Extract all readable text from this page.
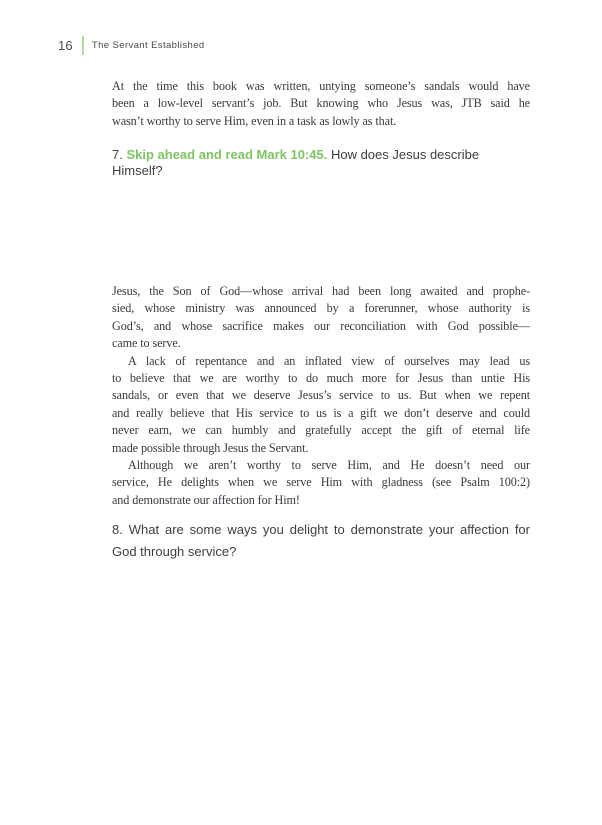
16 The Servant Established
At the time this book was written, untying someone’s sandals would have
been a low-level servant’s job. But knowing who Jesus was, JTB said he
wasn’t worthy to serve Him, even in a task as lowly as that.
7. Skip ahead and read Mark 10:45. How does Jesus describe Himself?
Jesus, the Son of God—whose arrival had been long awaited and prophe-
sied, whose ministry was announced by a forerunner, whose authority is
God’s, and whose sacrifice makes our reconciliation with God possible—
came to serve.
A lack of repentance and an inflated view of ourselves may lead us
to believe that we are worthy to do much more for Jesus than untie His
sandals, or even that we deserve Jesus’s service to us. But when we repent
and really believe that His service to us is a gift we don’t deserve and could
never earn, we can humbly and gratefully accept the gift of eternal life
made possible through Jesus the Servant.
Although we aren’t worthy to serve Him, and He doesn’t need our
service, He delights when we serve Him with gladness (see Psalm 100:2)
and demonstrate our affection for Him!
8. What are some ways you delight to demonstrate your affection for
God through service?
